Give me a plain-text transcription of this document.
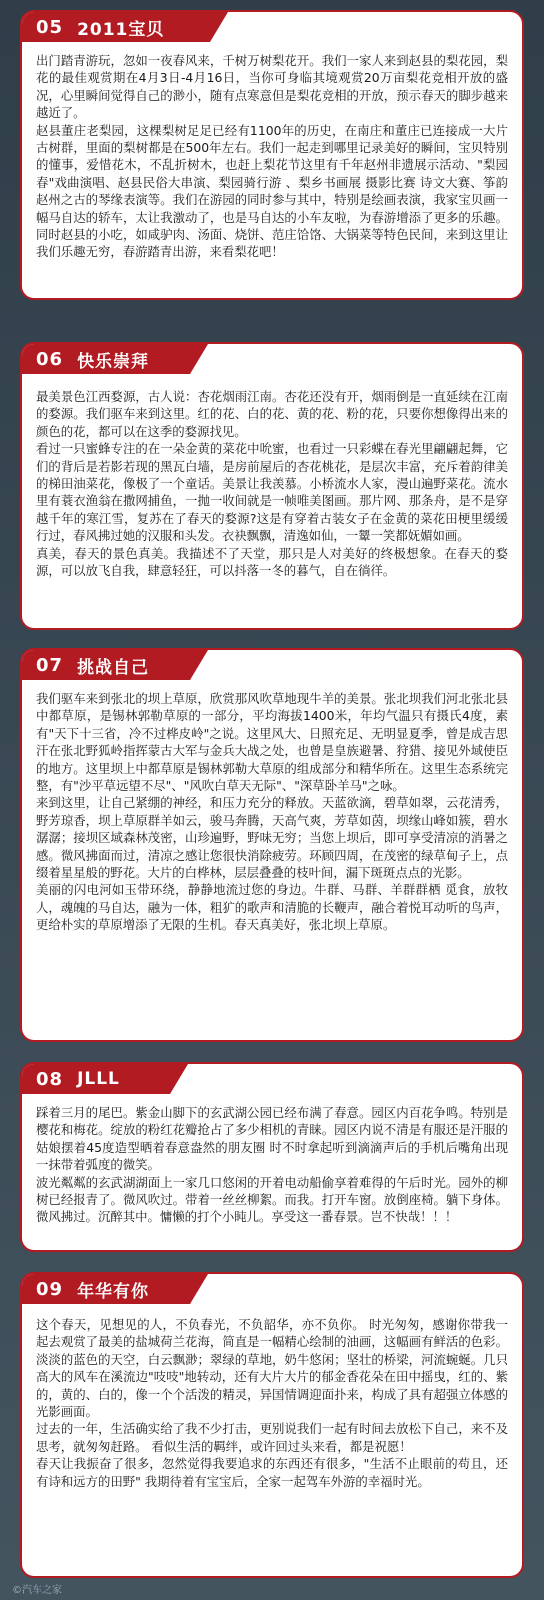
05 2011宝贝

出门踏青游玩，忽如一夜春风来，千树万树梨花开。我们一家人来到赵县的梨花园，梨花的最佳观赏期在4月3日-4月16日，当你可身临其境观赏20万亩梨花竞相开放的盛况，心里瞬间觉得自己的渺小，随有点寒意但是梨花竞相的开放，预示春天的脚步越来越近了。

赵县董庄老梨园，这棵梨树足足已经有1100年的历史，在南庄和董庄已连接成一大片古树群，里面的梨树都是在500年左右。我们一起走到哪里记录美好的瞬间，宝贝特别的懂事，爱惜花木，不乱折树木，也赶上梨花节这里有千年赵州非遗展示活动、"梨园春"戏曲演唱、赵县民俗大串演、梨园骑行游 、梨乡书画展 摄影比赛 诗文大赛、筝韵赵州之古的琴缘表演等。我们在游园的同时参与其中，特别是绘画表演，我家宝贝画一幅马自达的轿车，太让我激动了，也是马自达的小车友啦，为春游增添了更多的乐趣。同时赵县的小吃，如咸驴肉、汤面、烧饼、范庄饸饹、大锅菜等特色民间，来到这里让我们乐趣无穷，春游踏青出游，来看梨花吧！

06 快乐崇拜

最美景色江西婺源，古人说：杏花烟雨江南。杏花还没有开，烟雨倒是一直延续在江南的婺源。我们驱车来到这里。红的花、白的花、黄的花、粉的花，只要你想像得出来的颜色的花，都可以在这季的婺源找见。

看过一只蜜蜂专注的在一朵金黄的菜花中吮蜜，也看过一只彩蝶在春光里翩翩起舞，它们的背后是若影若现的黑瓦白墙，是房前屋后的杏花桃花，是层次丰富，充斥着韵律美的梯田油菜花，像极了一个童话。美景让我羡慕。小桥流水人家，漫山遍野菜花。流水里有蓑衣渔翁在撒网捕鱼，一抛一收间就是一帧唯美图画。那片网、那条舟，是不是穿越千年的寒江雪，复苏在了春天的婺源?这是有穿着古装女子在金黄的菜花田梗里缓缓行过，春风拂过她的汉服和头发。衣袂飘飘，清逸如仙，一颦一笑都妩媚如画。

真美，春天的景色真美。我描述不了天堂，那只是人对美好的终极想象。在春天的婺源，可以放飞自我，肆意轻狂，可以抖落一冬的暮气，自在徜徉。

07 挑战自己

我们驱车来到张北的坝上草原，欣赏那风吹草地现牛羊的美景。张北坝我们河北张北县中都草原，是锡林郭勒草原的一部分，平均海拔1400米，年均气温只有摄氏4度，素有"天下十三省，冷不过桦皮岭"之说。这里风大、日照充足、无明显夏季，曾是成吉思汗在张北野狐岭指挥蒙古大军与金兵大战之处，也曾是皇族避暑、狩猎、接见外域使臣的地方。这里坝上中都草原是锡林郭勒大草原的组成部分和精华所在。这里生态系统完整，有"沙平草远望不尽"、"风吹白草天无际"、"深草卧羊马"之咏。

来到这里，让自己紧绷的神经，和压力充分的释放。天蓝欲滴，碧草如翠，云花清秀，野芳琼香，坝上草原群羊如云，骏马奔腾，天高气爽，芳草如茵，坝缘山峰如簇，碧水潺潺；接坝区域森林茂密，山珍遍野，野味无穷；当您上坝后，即可享受清凉的消暑之感。微风拂面而过，清凉之感让您很快消除疲劳。环顾四周，在茂密的绿草甸子上，点缀着星星般的野花。大片的白桦林，层层叠叠的枝叶间，漏下斑斑点点的光影。

美丽的闪电河如玉带环绕，静静地流过您的身边。牛群、马群、羊群群栖 觅食，放牧人，魂魄的马自达，融为一体，粗犷的歌声和清脆的长鞭声，融合着悦耳动听的鸟声，更给朴实的草原增添了无限的生机。春天真美好，张北坝上草原。

08 JLLL

踩着三月的尾巴。紫金山脚下的玄武湖公园已经布满了春意。园区内百花争鸣。特别是樱花和梅花。绽放的粉红花瓣抢占了多少相机的青睐。园区内说不清是有服还是汗服的姑娘摆着45度造型晒着春意盎然的朋友圈 时不时拿起听到滴滴声后的手机后嘴角出现一抹带着弧度的微笑。

波光粼粼的玄武湖湖面上一家几口悠闲的开着电动船偷享着难得的午后时光。园外的柳树已经报青了。微风吹过。带着一丝丝柳絮。而我。打开车窗。放倒座椅。躺下身体。微风拂过。沉醉其中。慵懒的打个小盹儿。享受这一番春景。岂不快哉！！！

09 年华有你

这个春天，见想见的人，不负春光，不负韶华，亦不负你。 时光匆匆，感谢你带我一起去观赏了最美的盐城荷兰花海，简直是一幅精心绘制的油画，这幅画有鲜活的色彩。淡淡的蓝色的天空，白云飘渺；翠绿的草地，奶牛悠闲；坚壮的桥梁，河流蜿蜒。几只高大的风车在溪流边"吱吱"地转动，还有大片大片的郁金香花朵在田中摇曳，红的、紫的，黄的、白的，像一个个活泼的精灵，异国情调迎面扑来，构成了具有超强立体感的光影画面。

过去的一年，生活确实给了我不少打击，更别说我们一起有时间去放松下自己，来不及思考，就匆匆赶路。 看似生活的羁绊，或许回过头来看，都是祝愿！

春天让我振奋了很多，忽然觉得我要追求的东西还有很多，"生活不止眼前的苟且，还有诗和远方的田野" 我期待着有宝宝后，全家一起驾车外游的幸福时光。

©汽车之家
